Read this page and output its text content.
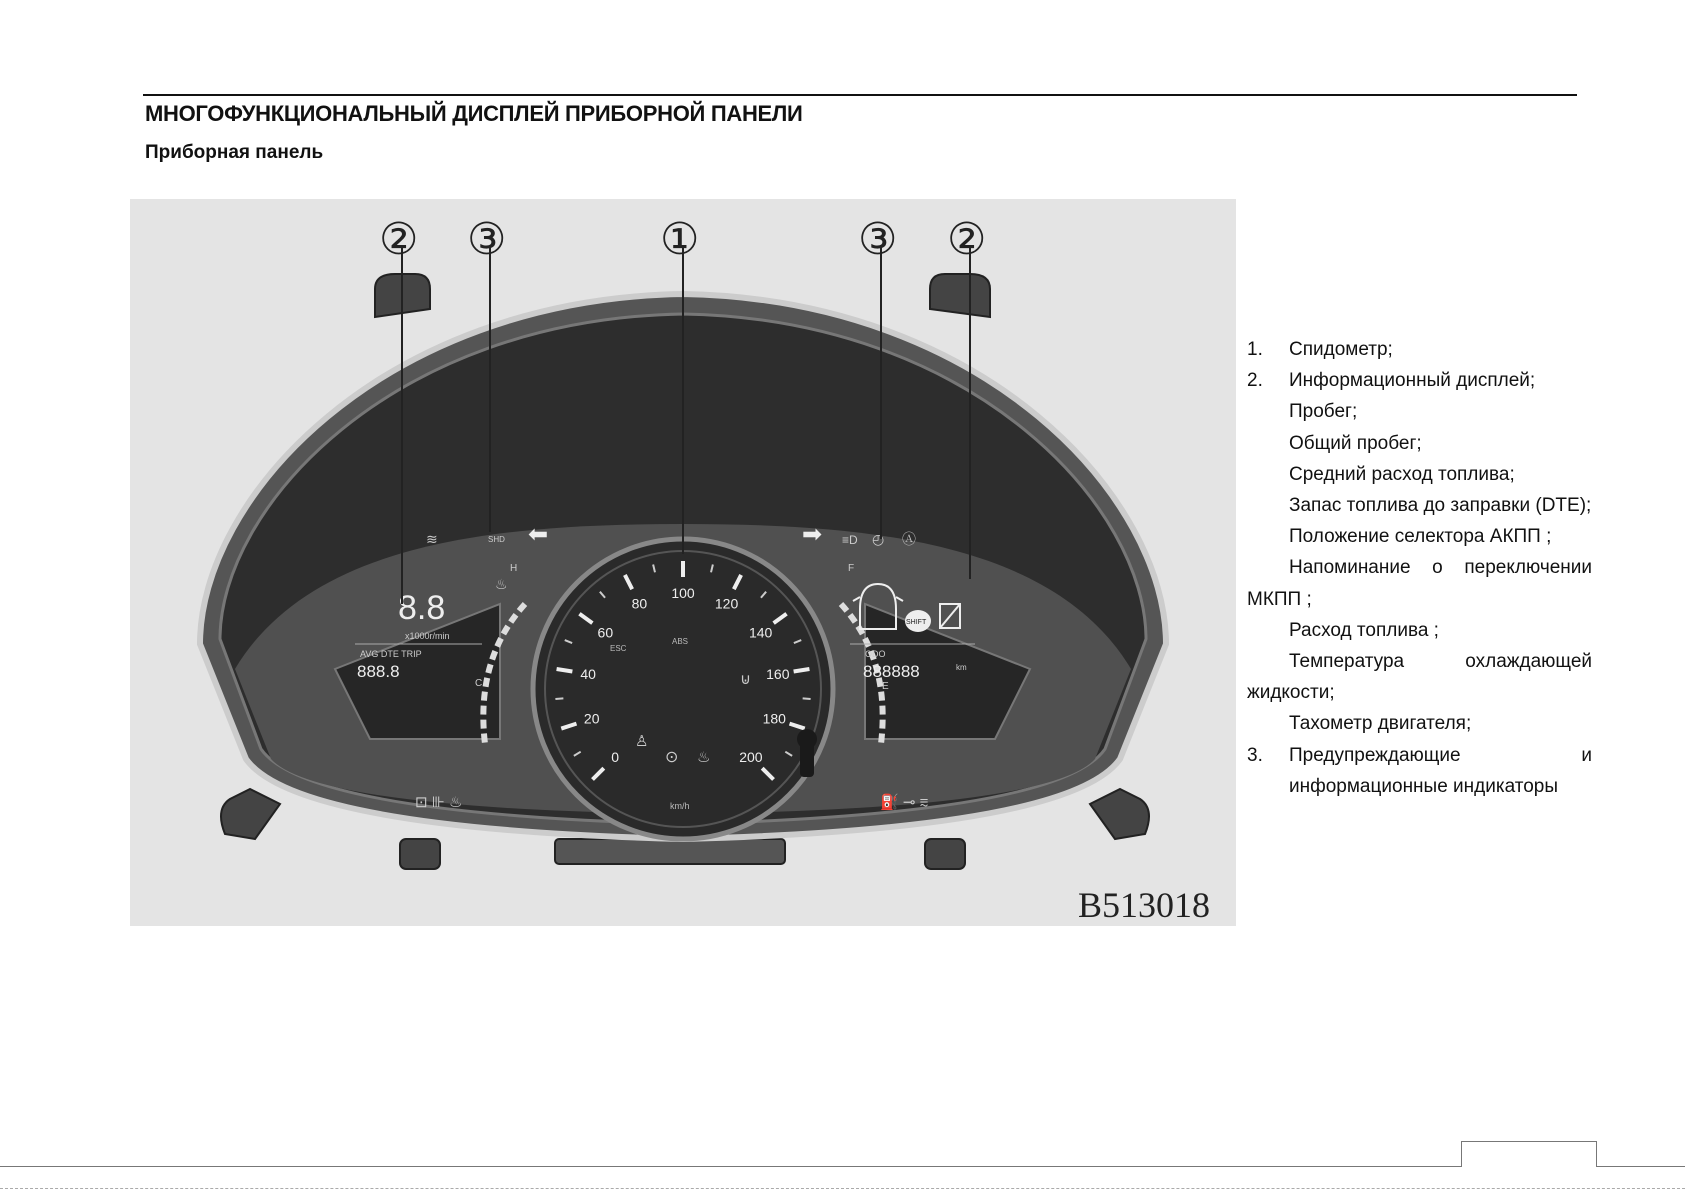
МНОГОФУНКЦИОНАЛЬНЫЙ ДИСПЛЕЙ ПРИБОРНОЙ ПАНЕЛИ
Приборная панель
0
20
40
60
80
100
120
140
160
180
200
8.8
x1000r/min
AVG DTE TRIP
888.8
H
C
♨
SHIFT
ODO
888888	km
F
E
⬅	➡
≋	SHD	≡D ◴ Ⓐ
ESC
ABS
⊍
♙
⊙ ♨
km/h
⊡ ⊪ ♨	⛽ ⊸ ⩳
② ③	①	③ ②
B513018

1.	Спидометр;

2.	Информационный дисплей;

Пробег;

Общий пробег;

Средний расход топлива;

Запас топлива до заправки (DTE);

Положение селектора АКПП ;

Напоминание о переключении МКПП ;

Расход топлива ;

Температура охлаждающей жидкости;

Тахометр двигателя;

3.	Предупреждающие и информационные индикаторы
